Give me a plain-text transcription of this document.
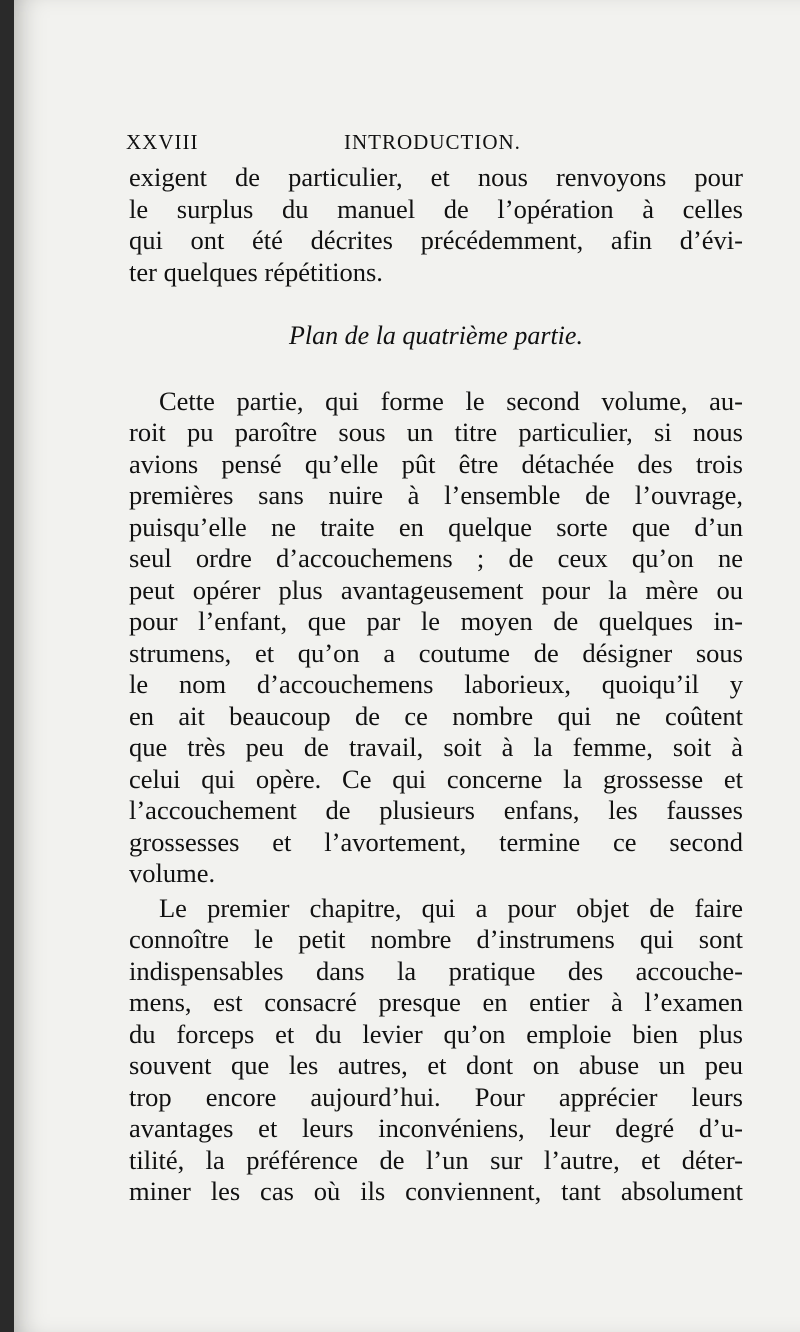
XXVIII	INTRODUCTION.
exigent de particulier, et nous renvoyons pour
le surplus du manuel de l’opération à celles
qui ont été décrites précédemment, afin d’évi-
ter quelques répétitions.
Plan de la quatrième partie.
Cette partie, qui forme le second volume, au-
roit pu paroître sous un titre particulier, si nous
avions pensé qu’elle pût être détachée des trois
premières sans nuire à l’ensemble de l’ouvrage,
puisqu’elle ne traite en quelque sorte que d’un
seul ordre d’accouchemens ; de ceux qu’on ne
peut opérer plus avantageusement pour la mère ou
pour l’enfant, que par le moyen de quelques in-
strumens, et qu’on a coutume de désigner sous
le nom d’accouchemens laborieux, quoiqu’il y
en ait beaucoup de ce nombre qui ne coûtent
que très peu de travail, soit à la femme, soit à
celui qui opère. Ce qui concerne la grossesse et
l’accouchement de plusieurs enfans, les fausses
grossesses et l’avortement, termine ce second
volume.
Le premier chapitre, qui a pour objet de faire
connoître le petit nombre d’instrumens qui sont
indispensables dans la pratique des accouche-
mens, est consacré presque en entier à l’examen
du forceps et du levier qu’on emploie bien plus
souvent que les autres, et dont on abuse un peu
trop encore aujourd’hui. Pour apprécier leurs
avantages et leurs inconvéniens, leur degré d’u-
tilité, la préférence de l’un sur l’autre, et déter-
miner les cas où ils conviennent, tant absolument
